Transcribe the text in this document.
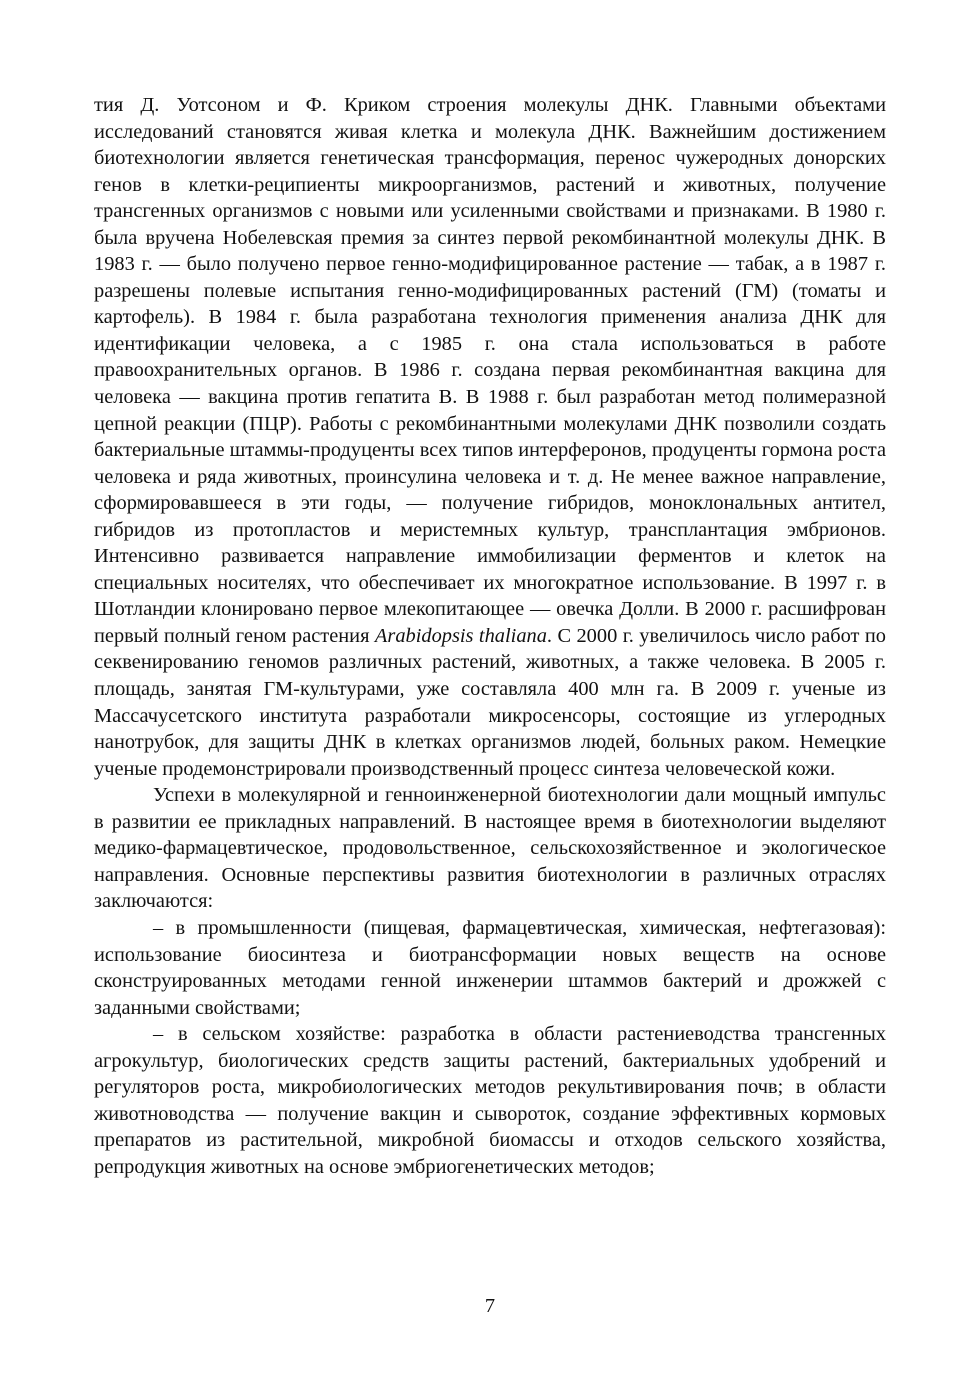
тия Д. Уотсоном и Ф. Криком строения молекулы ДНК. Главными объектами исследований становятся живая клетка и молекула ДНК. Важнейшим достижением биотехнологии является генетическая трансформация, перенос чужеродных донорских генов в клетки-реципиенты микроорганизмов, растений и животных, получение трансгенных организмов с новыми или усиленными свойствами и признаками. В 1980 г. была вручена Нобелевская премия за синтез первой рекомбинантной молекулы ДНК. В 1983 г. — было получено первое генно-модифицированное растение — табак, а в 1987 г. разрешены полевые испытания генно-модифицированных растений (ГМ) (томаты и картофель). В 1984 г. была разработана технология применения анализа ДНК для идентификации человека, а с 1985 г. она стала использоваться в работе правоохранительных органов. В 1986 г. создана первая рекомбинантная вакцина для человека — вакцина против гепатита В. В 1988 г. был разработан метод полимеразной цепной реакции (ПЦР). Работы с рекомбинантными молекулами ДНК позволили создать бактериальные штаммы-продуценты всех типов интерферонов, продуценты гормона роста человека и ряда животных, проинсулина человека и т. д. Не менее важное направление, сформировавшееся в эти годы, — получение гибридов, моноклональных антител, гибридов из протопластов и меристемных культур, трансплантация эмбрионов. Интенсивно развивается направление иммобилизации ферментов и клеток на специальных носителях, что обеспечивает их многократное использование. В 1997 г. в Шотландии клонировано первое млекопитающее — овечка Долли. В 2000 г. расшифрован первый полный геном растения Arabidopsis thaliana. С 2000 г. увеличилось число работ по секвенированию геномов различных растений, животных, а также человека. В 2005 г. площадь, занятая ГМ-культурами, уже составляла 400 млн га. В 2009 г. ученые из Массачусетского института разработали микросенсоры, состоящие из углеродных нанотрубок, для защиты ДНК в клетках организмов людей, больных раком. Немецкие ученые продемонстрировали производственный процесс синтеза человеческой кожи.

Успехи в молекулярной и генноинженерной биотехнологии дали мощный импульс в развитии ее прикладных направлений. В настоящее время в биотехнологии выделяют медико-фармацевтическое, продовольственное, сельскохозяйственное и экологическое направления. Основные перспективы развития биотехнологии в различных отраслях заключаются:

– в промышленности (пищевая, фармацевтическая, химическая, нефтегазовая): использование биосинтеза и биотрансформации новых веществ на основе сконструированных методами генной инженерии штаммов бактерий и дрожжей с заданными свойствами;

– в сельском хозяйстве: разработка в области растениеводства трансгенных агрокультур, биологических средств защиты растений, бактериальных удобрений и регуляторов роста, микробиологических методов рекультивирования почв; в области животноводства — получение вакцин и сывороток, создание эффективных кормовых препаратов из растительной, микробной биомассы и отходов сельского хозяйства, репродукция животных на основе эмбриогенетических методов;

7
